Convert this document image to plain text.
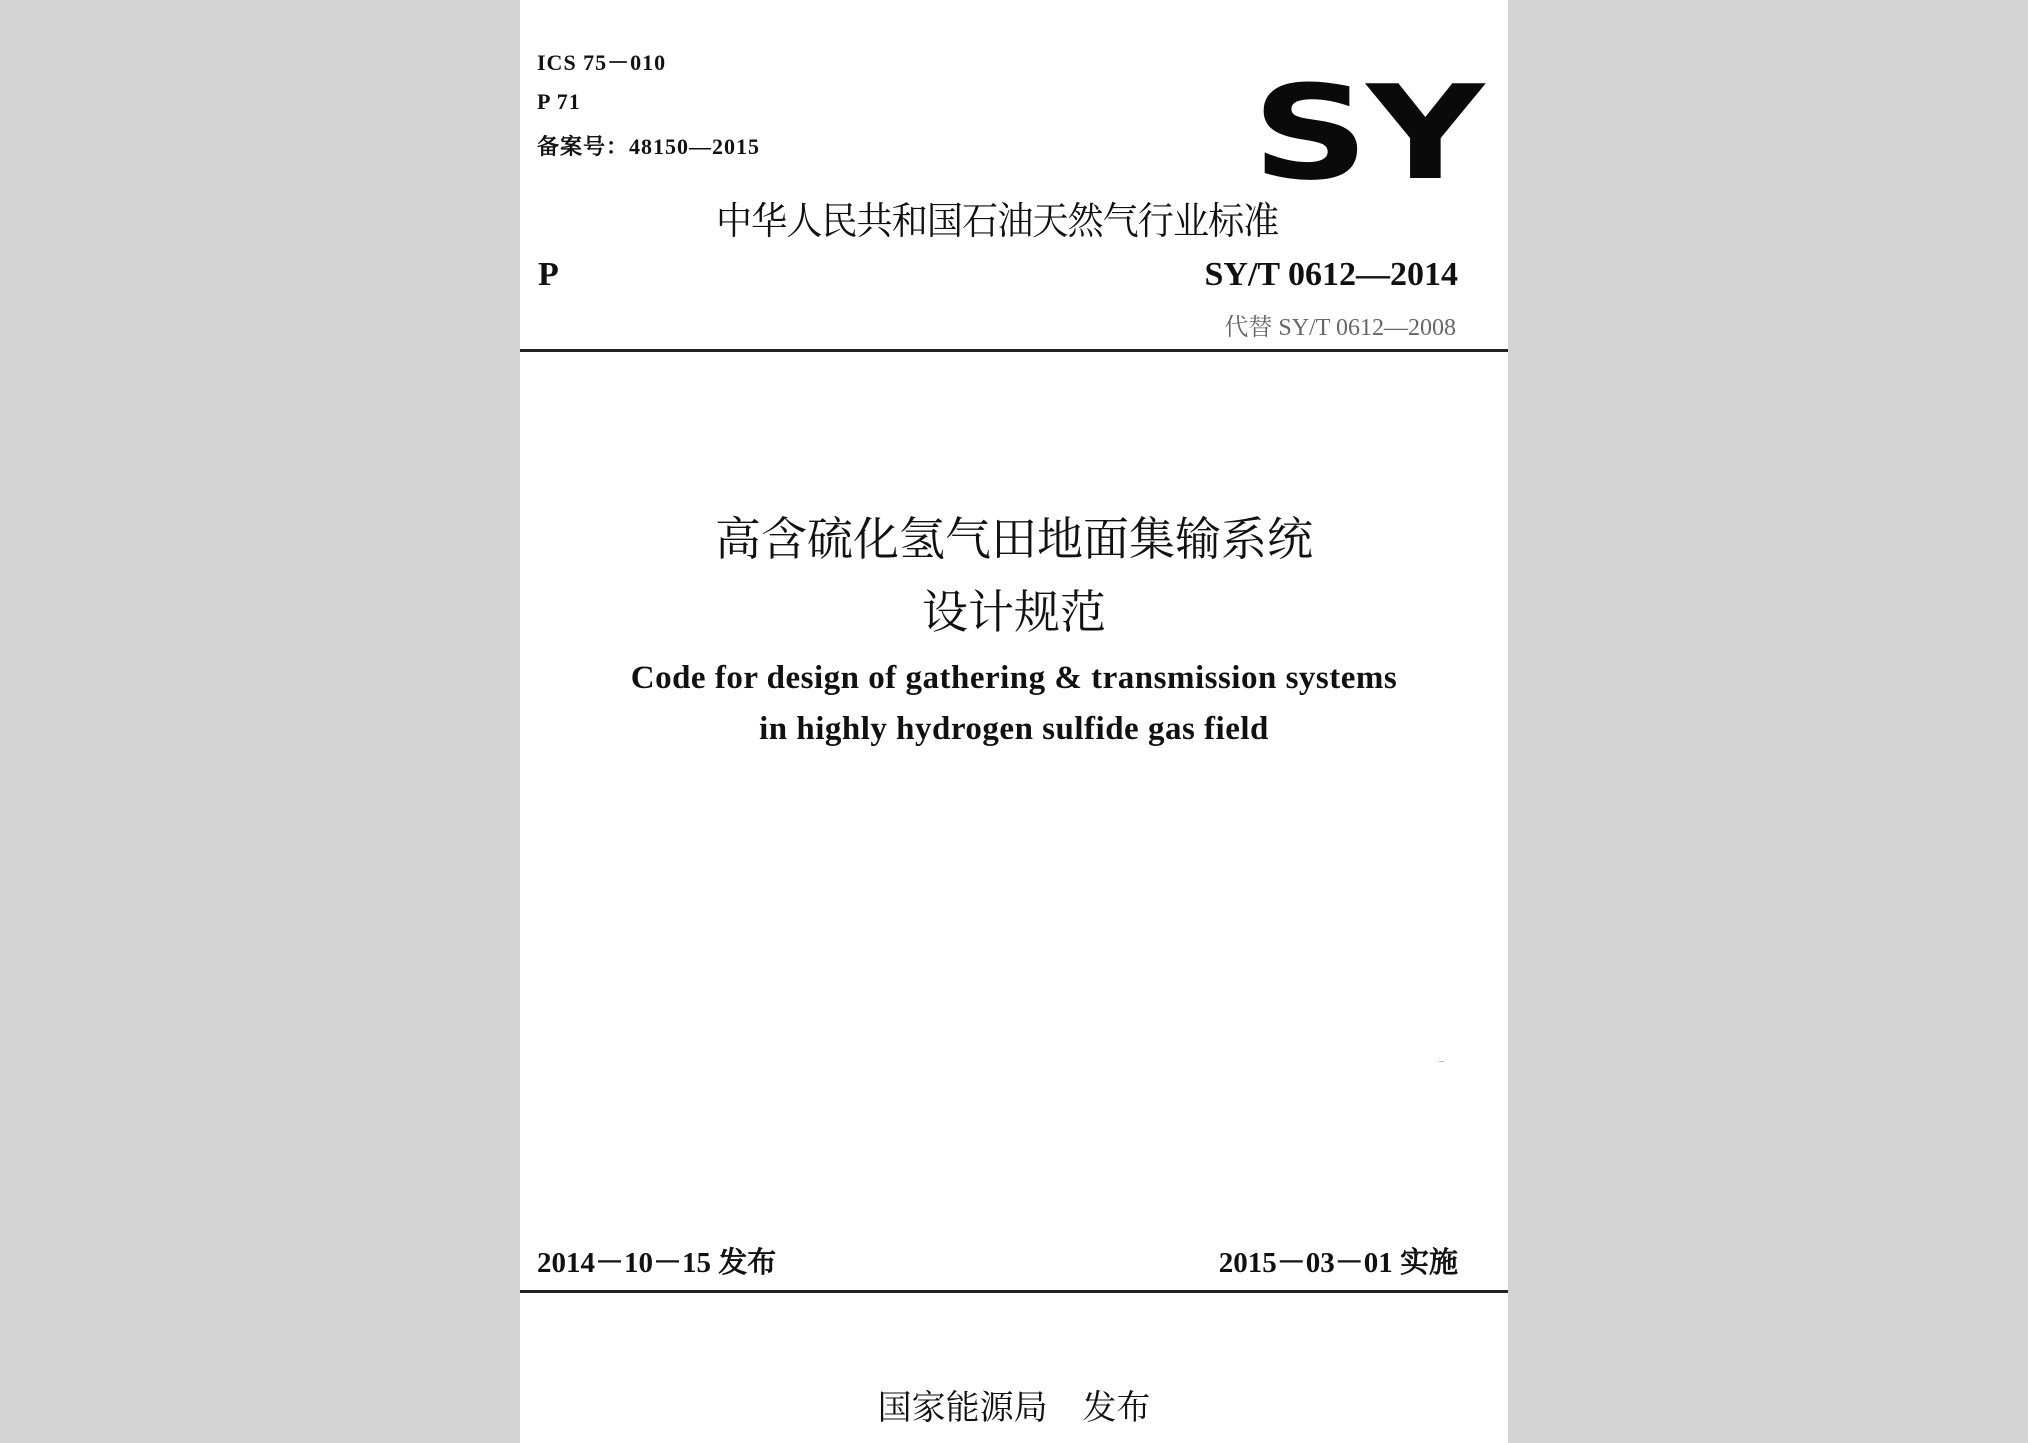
ICS 75－010
P 71
备案号：48150—2015	SY
中华人民共和国石油天然气行业标准
P	SY/T 0612—2014
代替 SY/T 0612—2008
高含硫化氢气田地面集输系统
设计规范
Code for design of gathering & transmission systems
in highly hydrogen sulfide gas field
2014－10－15 发布	2015－03－01 实施
国家能源局 发布
